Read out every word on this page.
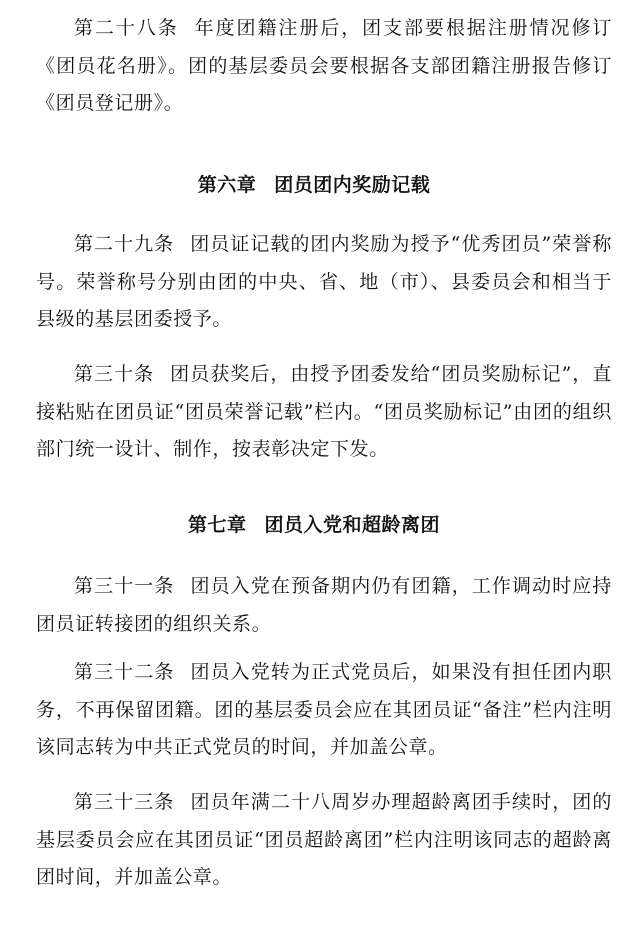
第二十八条 年度团籍注册后，团支部要根据注册情况修订《团员花名册》。团的基层委员会要根据各支部团籍注册报告修订《团员登记册》。

第六章 团员团内奖励记载

第二十九条 团员证记载的团内奖励为授予“优秀团员”荣誉称号。荣誉称号分别由团的中央、省、地（市）、县委员会和相当于县级的基层团委授予。

第三十条 团员获奖后，由授予团委发给“团员奖励标记”，直接粘贴在团员证“团员荣誉记载”栏内。“团员奖励标记”由团的组织部门统一设计、制作，按表彰决定下发。

第七章 团员入党和超龄离团

第三十一条 团员入党在预备期内仍有团籍，工作调动时应持团员证转接团的组织关系。

第三十二条 团员入党转为正式党员后，如果没有担任团内职务，不再保留团籍。团的基层委员会应在其团员证“备注”栏内注明该同志转为中共正式党员的时间，并加盖公章。

第三十三条 团员年满二十八周岁办理超龄离团手续时，团的基层委员会应在其团员证“团员超龄离团”栏内注明该同志的超龄离团时间，并加盖公章。
